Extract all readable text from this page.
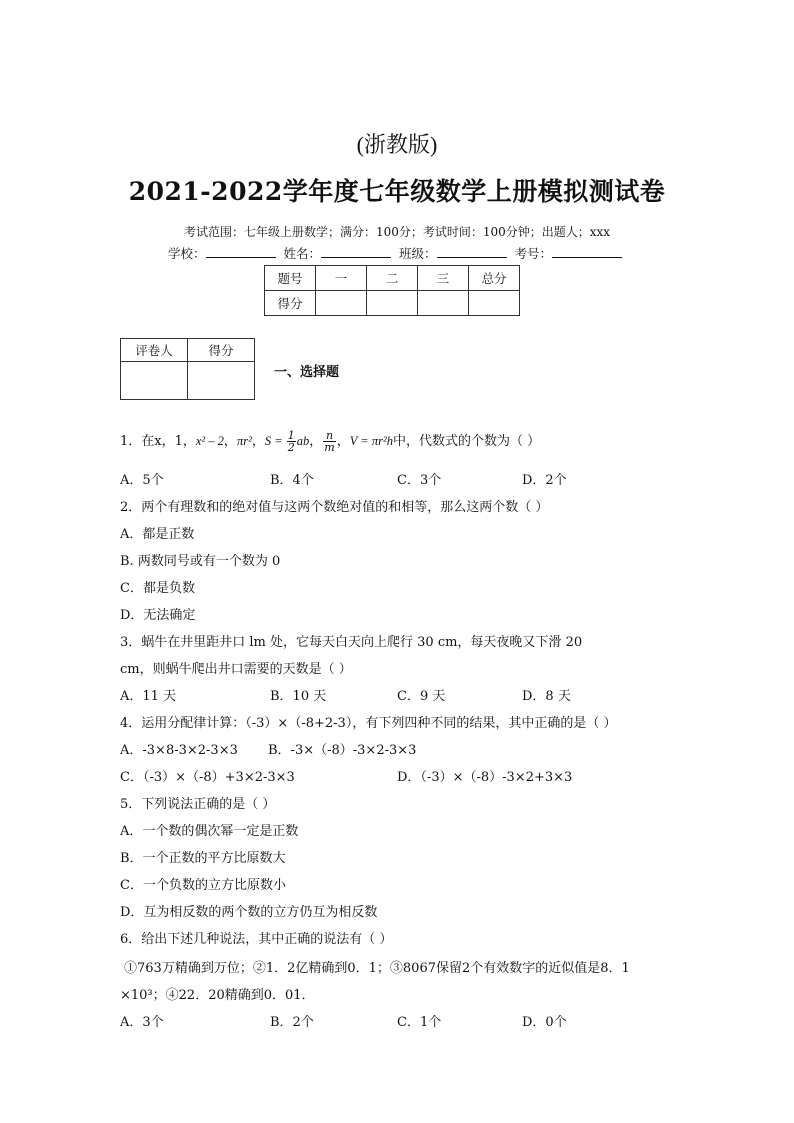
(浙教版)
2021-2022学年度七年级数学上册模拟测试卷
考试范围：七年级上册数学；满分：100分；考试时间：100分钟；出题人；xxx
学校：	姓名：	班级：	考号：
题号	一	二	三	总分
得分				
评卷人	得分

一、选择题
1．在x，1，x² – 2，πr²，$S = \frac{1}{2}$ ab， $\frac{n}{m}$ ，V = πr²h中，代数式的个数为（ ）
A．5个	B．4个	C．3个	D．2个
2．两个有理数和的绝对值与这两个数绝对值的和相等，那么这两个数（ ）
A．都是正数
B. 两数同号或有一个数为 0
C．都是负数
D．无法确定
3．蜗牛在井里距井口 lm 处，它每天白天向上爬行 30 cm，每天夜晚又下滑 20
cm，则蜗牛爬出井口需要的天数是（ ）
A．11 天	B．10 天	C．9 天	D．8 天
4．运用分配律计算：（-3）×（-8+2-3），有下列四种不同的结果，其中正确的是（ ）
A．-3×8-3×2-3×3 B．-3×（-8）-3×2-3×3
C．（-3）×（-8）+3×2-3×3	D．（-3）×（-8）-3×2+3×3
5．下列说法正确的是（ ）
A．一个数的偶次幂一定是正数
B．一个正数的平方比原数大
C．一个负数的立方比原数小
D．互为相反数的两个数的立方仍互为相反数
6．给出下述几种说法，其中正确的说法有（ ）
①763万精确到万位；②1．2亿精确到0．1；③8067保留2个有效数字的近似值是8．1
×10³；④22．20精确到0．01．
A．3个	B．2个	C．1个	D．0个
